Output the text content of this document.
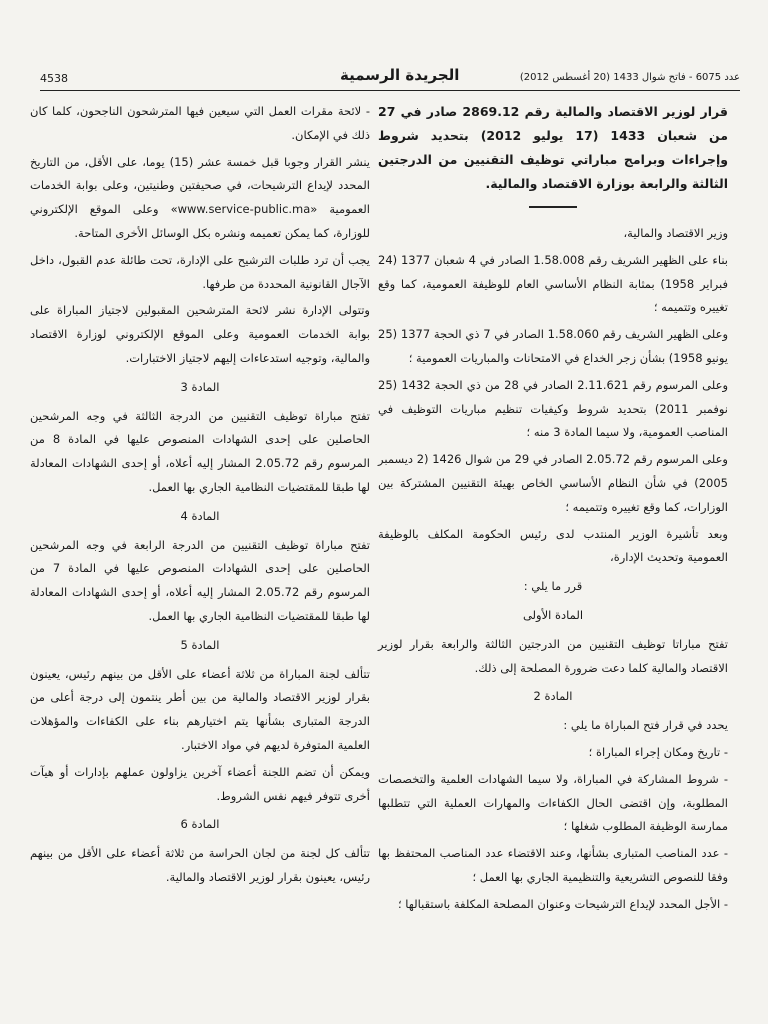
4538	الجريدة الرسمية	عدد 6075 - فاتح شوال 1433 (20 أغسطس 2012)

قرار لوزير الاقتصاد والمالية رقم 2869.12 صادر في 27 من شعبان 1433 (17 يوليو 2012) بتحديد شروط وإجراءات وبرامج مباراتي توظيف التقنيين من الدرجتين الثالثة والرابعة بوزارة الاقتصاد والمالية.

وزير الاقتصاد والمالية،

بناء على الظهير الشريف رقم 1.58.008 الصادر في 4 شعبان 1377 (24 فبراير 1958) بمثابة النظام الأساسي العام للوظيفة العمومية، كما وقع تغييره وتتميمه ؛

وعلى الظهير الشريف رقم 1.58.060 الصادر في 7 ذي الحجة 1377 (25 يونيو 1958) بشأن زجر الخداع في الامتحانات والمباريات العمومية ؛

وعلى المرسوم رقم 2.11.621 الصادر في 28 من ذي الحجة 1432 (25 نوفمبر 2011) بتحديد شروط وكيفيات تنظيم مباريات التوظيف في المناصب العمومية، ولا سيما المادة 3 منه ؛

وعلى المرسوم رقم 2.05.72 الصادر في 29 من شوال 1426 (2 ديسمبر 2005) في شأن النظام الأساسي الخاص بهيئة التقنيين المشتركة بين الوزارات، كما وقع تغييره وتتميمه ؛

وبعد تأشيرة الوزير المنتدب لدى رئيس الحكومة المكلف بالوظيفة العمومية وتحديث الإدارة،

قرر ما يلي :

المادة الأولى

تفتح مباراتا توظيف التقنيين من الدرجتين الثالثة والرابعة بقرار لوزير الاقتصاد والمالية كلما دعت ضرورة المصلحة إلى ذلك.

المادة 2

يحدد في قرار فتح المباراة ما يلي :

- تاريخ ومكان إجراء المباراة ؛

- شروط المشاركة في المباراة، ولا سيما الشهادات العلمية والتخصصات المطلوبة، وإن اقتضى الحال الكفاءات والمهارات العملية التي تتطلبها ممارسة الوظيفة المطلوب شغلها ؛

- عدد المناصب المتبارى بشأنها، وعند الاقتضاء عدد المناصب المحتفظ بها وفقا للنصوص التشريعية والتنظيمية الجاري بها العمل ؛

- الأجل المحدد لإيداع الترشيحات وعنوان المصلحة المكلفة باستقبالها ؛

- لائحة مقرات العمل التي سيعين فيها المترشحون الناجحون، كلما كان ذلك في الإمكان.

ينشر القرار وجوبا قبل خمسة عشر (15) يوما، على الأقل، من التاريخ المحدد لإيداع الترشيحات، في صحيفتين وطنيتين، وعلى بوابة الخدمات العمومية «www.service-public.ma» وعلى الموقع الإلكتروني للوزارة، كما يمكن تعميمه ونشره بكل الوسائل الأخرى المتاحة.

يجب أن ترد طلبات الترشيح على الإدارة، تحت طائلة عدم القبول، داخل الآجال القانونية المحددة من طرفها.

وتتولى الإدارة نشر لائحة المترشحين المقبولين لاجتياز المباراة على بوابة الخدمات العمومية وعلى الموقع الإلكتروني لوزارة الاقتصاد والمالية، وتوجيه استدعاءات إليهم لاجتياز الاختبارات.

المادة 3

تفتح مباراة توظيف التقنيين من الدرجة الثالثة في وجه المرشحين الحاصلين على إحدى الشهادات المنصوص عليها في المادة 8 من المرسوم رقم 2.05.72 المشار إليه أعلاه، أو إحدى الشهادات المعادلة لها طبقا للمقتضيات النظامية الجاري بها العمل.

المادة 4

تفتح مباراة توظيف التقنيين من الدرجة الرابعة في وجه المرشحين الحاصلين على إحدى الشهادات المنصوص عليها في المادة 7 من المرسوم رقم 2.05.72 المشار إليه أعلاه، أو إحدى الشهادات المعادلة لها طبقا للمقتضيات النظامية الجاري بها العمل.

المادة 5

تتألف لجنة المباراة من ثلاثة أعضاء على الأقل من بينهم رئيس، يعينون بقرار لوزير الاقتصاد والمالية من بين أطر ينتمون إلى درجة أعلى من الدرجة المتبارى بشأنها يتم اختيارهم بناء على الكفاءات والمؤهلات العلمية المتوفرة لديهم في مواد الاختبار.

ويمكن أن تضم اللجنة أعضاء آخرين يزاولون عملهم بإدارات أو هيآت أخرى تتوفر فيهم نفس الشروط.

المادة 6

تتألف كل لجنة من لجان الحراسة من ثلاثة أعضاء على الأقل من بينهم رئيس، يعينون بقرار لوزير الاقتصاد والمالية.
